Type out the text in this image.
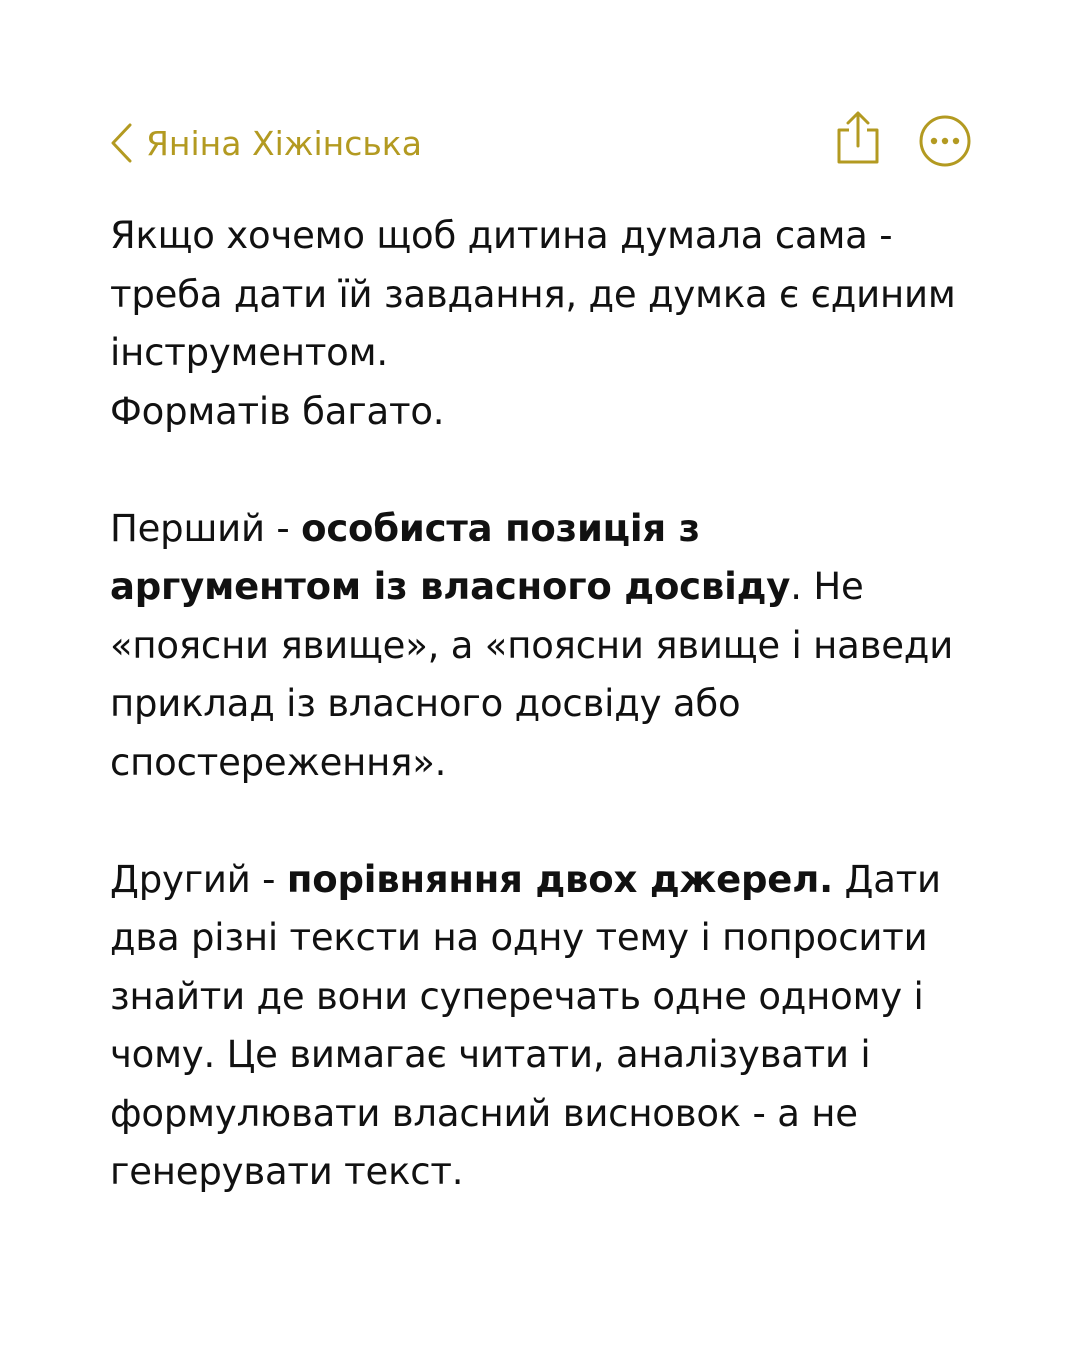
Яніна Хіжінська
Якщо хочемо щоб дитина думала сама -
треба дати їй завдання, де думка є єдиним
інструментом.
Форматів багато.
Перший - особиста позиція з
аргументом із власного досвіду. Не
«поясни явище», а «поясни явище і наведи
приклад із власного досвіду або
спостереження».
Другий - порівняння двох джерел. Дати
два різні тексти на одну тему і попросити
знайти де вони суперечать одне одному і
чому. Це вимагає читати, аналізувати і
формулювати власний висновок - а не
генерувати текст.
